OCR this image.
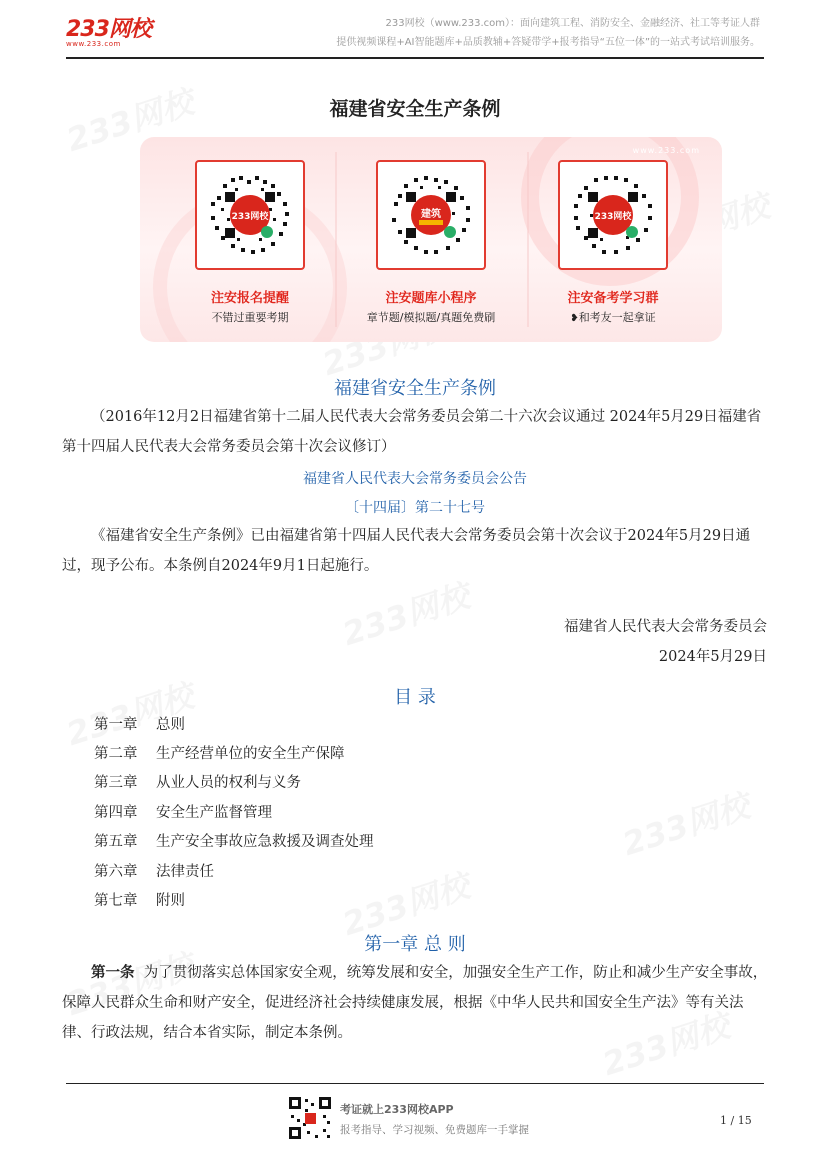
233网校
www.233.com
233网校（www.233.com）：面向建筑工程、消防安全、金融经济、社工等考证人群
提供视频课程+AI智能题库+品质教辅+答疑带学+报考指导“五位一体”的一站式考试培训服务。
福建省安全生产条例
www.233.com
233网校
注安报名提醒
不错过重要考期
建筑
注安题库小程序
章节题/模拟题/真题免费刷
233网校
注安备考学习群
❥和考友一起拿证
福建省安全生产条例
（2016年12月2日福建省第十二届人民代表大会常务委员会第二十六次会议通过 2024年5月29日福建省第十四届人民代表大会常务委员会第十次会议修订）
福建省人民代表大会常务委员会公告
〔十四届〕第二十七号
《福建省安全生产条例》已由福建省第十四届人民代表大会常务委员会第十次会议于2024年5月29日通过，现予公布。本条例自2024年9月1日起施行。
福建省人民代表大会常务委员会
2024年5月29日
目 录
第一章 总则
第二章 生产经营单位的安全生产保障
第三章 从业人员的权利与义务
第四章 安全生产监督管理
第五章 生产安全事故应急救援及调查处理
第六章 法律责任
第七章 附则
第一章 总 则
第一条 为了贯彻落实总体国家安全观，统筹发展和安全，加强安全生产工作，防止和减少生产安全事故，保障人民群众生命和财产安全，促进经济社会持续健康发展，根据《中华人民共和国安全生产法》等有关法律、行政法规，结合本省实际，制定本条例。
考证就上233网校APP
报考指导、学习视频、免费题库一手掌握
1 / 15
